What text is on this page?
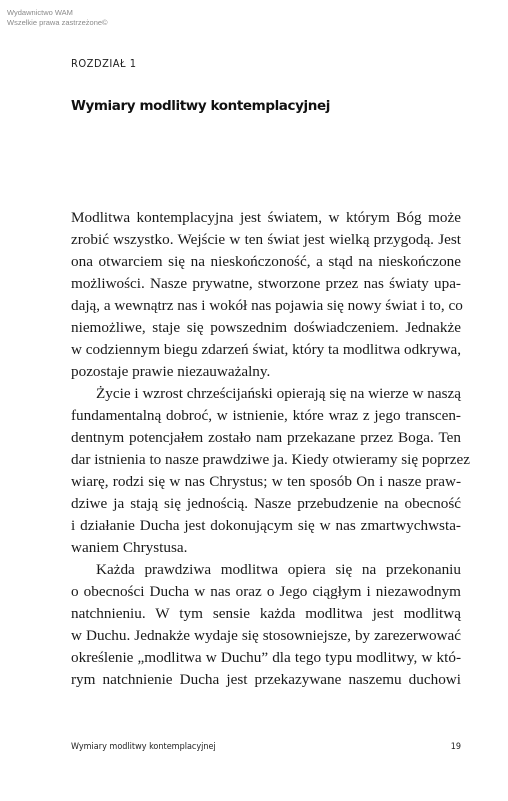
Wydawnictwo WAM
Wszelkie prawa zastrzeżone©
ROZDZIAŁ 1
Wymiary modlitwy kontemplacyjnej
Modlitwa kontemplacyjna jest światem, w którym Bóg może
zrobić wszystko. Wejście w ten świat jest wielką przygodą. Jest
ona otwarciem się na nieskończoność, a stąd na nieskończone
możliwości. Nasze prywatne, stworzone przez nas światy upa-
dają, a wewnątrz nas i wokół nas pojawia się nowy świat i to, co
niemożliwe, staje się powszednim doświadczeniem. Jednakże
w codziennym biegu zdarzeń świat, który ta modlitwa odkrywa,
pozostaje prawie niezauważalny.
Życie i wzrost chrześcijański opierają się na wierze w naszą
fundamentalną dobroć, w istnienie, które wraz z jego transcen-
dentnym potencjałem zostało nam przekazane przez Boga. Ten
dar istnienia to nasze prawdziwe ja. Kiedy otwieramy się poprzez
wiarę, rodzi się w nas Chrystus; w ten sposób On i nasze praw-
dziwe ja stają się jednością. Nasze przebudzenie na obecność
i działanie Ducha jest dokonującym się w nas zmartwychwsta-
waniem Chrystusa.
Każda prawdziwa modlitwa opiera się na przekonaniu
o obecności Ducha w nas oraz o Jego ciągłym i niezawodnym
natchnieniu. W tym sensie każda modlitwa jest modlitwą
w Duchu. Jednakże wydaje się stosowniejsze, by zarezerwować
określenie „modlitwa w Duchu” dla tego typu modlitwy, w któ-
rym natchnienie Ducha jest przekazywane naszemu duchowi
Wymiary modlitwy kontemplacyjnej	19
